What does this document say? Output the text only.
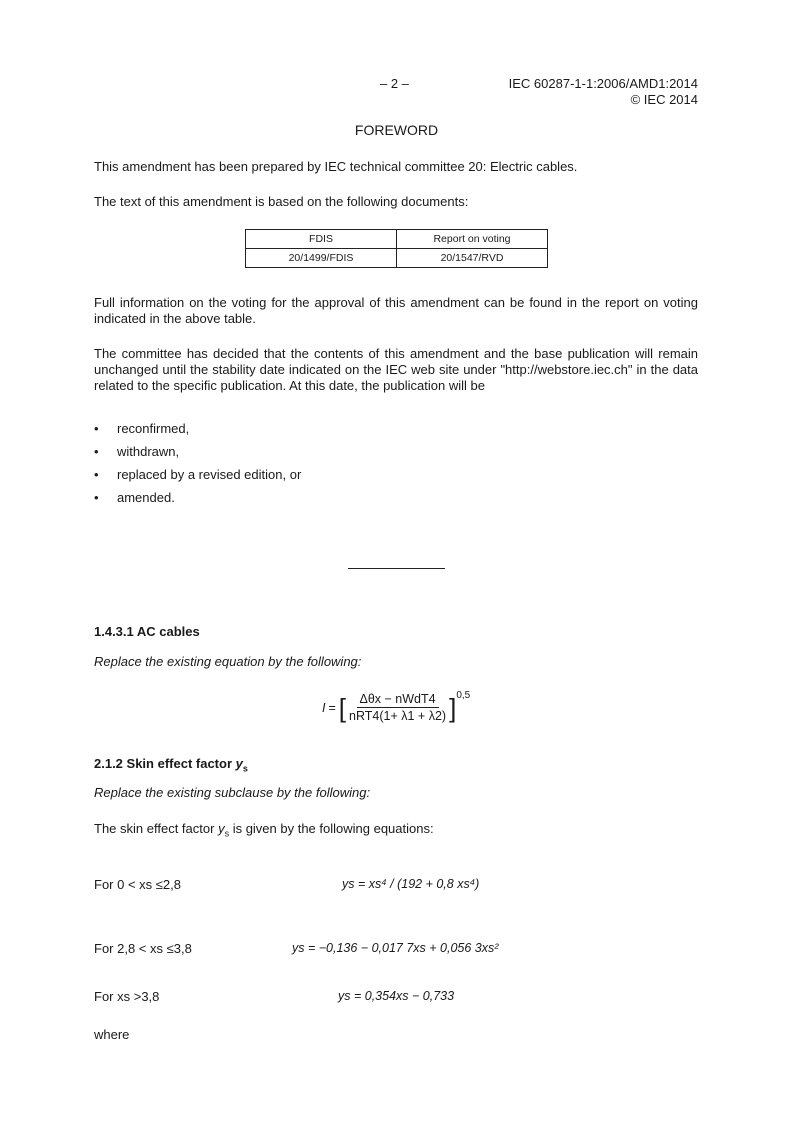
– 2 –	IEC 60287-1-1:2006/AMD1:2014
© IEC 2014
FOREWORD
This amendment has been prepared by IEC technical committee 20: Electric cables.
The text of this amendment is based on the following documents:
FDIS	Report on voting
20/1499/FDIS	20/1547/RVD
Full information on the voting for the approval of this amendment can be found in the report on voting indicated in the above table.
The committee has decided that the contents of this amendment and the base publication will remain unchanged until the stability date indicated on the IEC web site under "http://webstore.iec.ch" in the data related to the specific publication. At this date, the publication will be
• reconfirmed,
• withdrawn,
• replaced by a revised edition, or
• amended.
1.4.3.1 AC cables
Replace the existing equation by the following:
I = [ $\frac{\text{Δθx − nWdT4}}{\text{nRT4(1+ λ1 + λ2)}}$ ] 0,5
2.1.2 Skin effect factor $y_s$
Replace the existing subclause by the following:
The skin effect factor $y_s$ is given by the following equations:
For 0 < xs ≤2,8	ys = xs⁴ / (192 + 0,8 xs⁴)
For 2,8 < xs ≤3,8	ys = −0,136 − 0,017 7xs + 0,056 3xs²
For xs >3,8	ys = 0,354xs − 0,733
where
